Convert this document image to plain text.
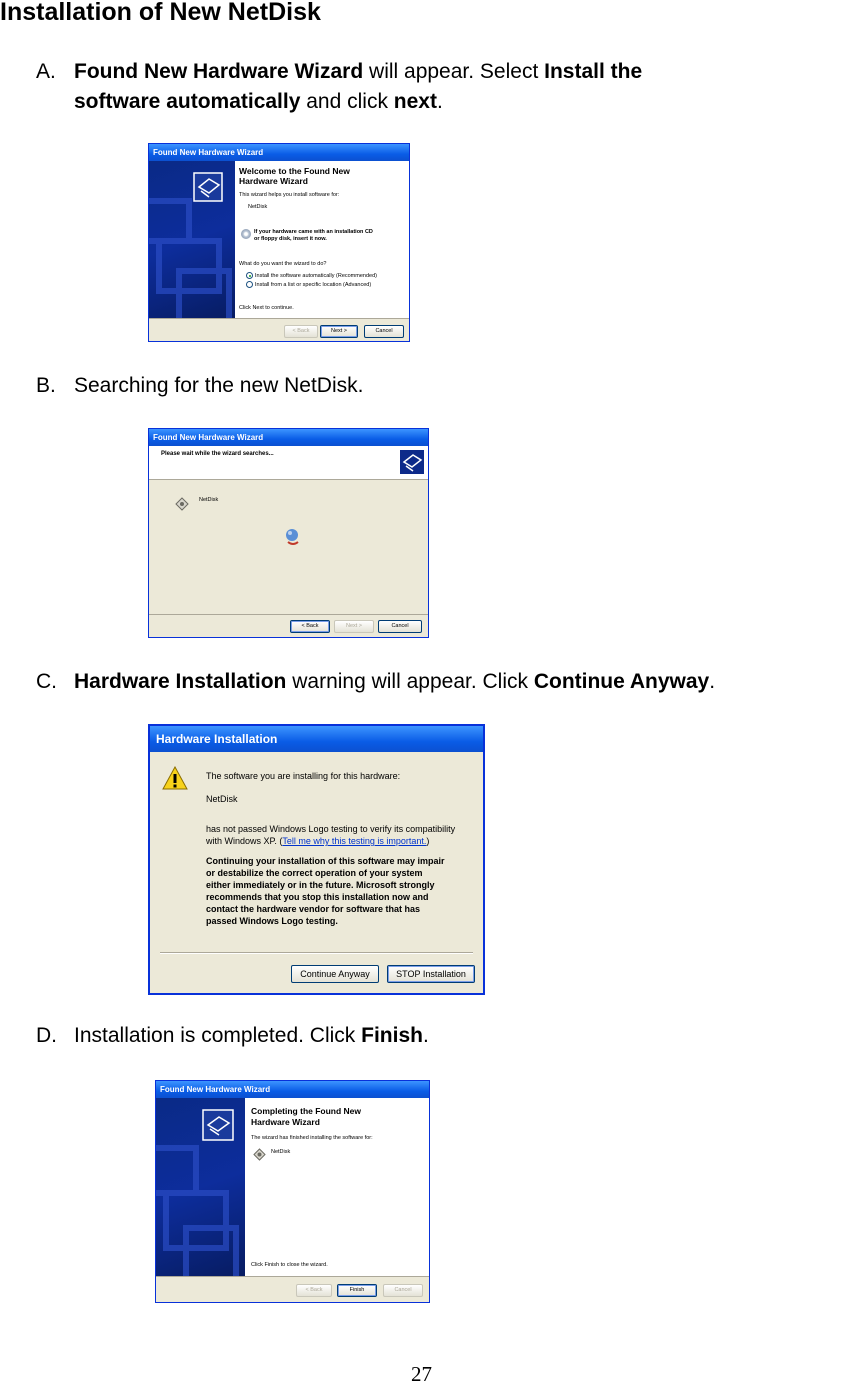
Installation of New NetDisk
A. Found New Hardware Wizard will appear. Select Install the
software automatically and click next.
Found New Hardware Wizard
Welcome to the Found New
Hardware Wizard
This wizard helps you install software for:
NetDisk
If your hardware came with an installation CD
or floppy disk, insert it now.
What do you want the wizard to do?
Install the software automatically (Recommended)
Install from a list or specific location (Advanced)
Click Next to continue.
< Back	Next >	Cancel
B. Searching for the new NetDisk.
Found New Hardware Wizard
Please wait while the wizard searches...
NetDisk
< Back	Next >	Cancel
C. Hardware Installation warning will appear. Click Continue Anyway.
Hardware Installation
The software you are installing for this hardware:
NetDisk
has not passed Windows Logo testing to verify its compatibility
with Windows XP. (Tell me why this testing is important.)
Continuing your installation of this software may impair
or destabilize the correct operation of your system
either immediately or in the future. Microsoft strongly
recommends that you stop this installation now and
contact the hardware vendor for software that has
passed Windows Logo testing.
Continue Anyway	STOP Installation
D. Installation is completed. Click Finish.
Found New Hardware Wizard
Completing the Found New
Hardware Wizard
The wizard has finished installing the software for:
NetDisk
Click Finish to close the wizard.
< Back	Finish	Cancel
27
